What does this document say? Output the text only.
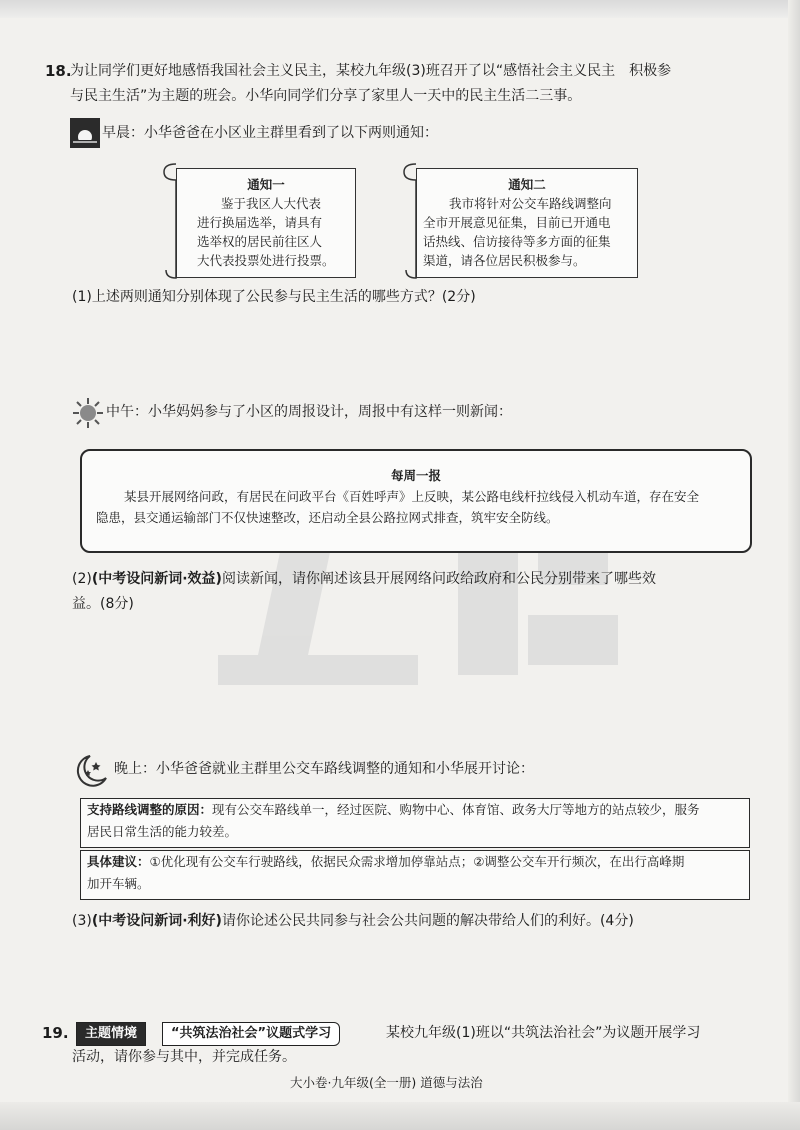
18.
为让同学们更好地感悟我国社会主义民主，某校九年级(3)班召开了以“感悟社会主义民主　积极参
与民主生活”为主题的班会。小华向同学们分享了家里人一天中的民主生活二三事。
早晨：小华爸爸在小区业主群里看到了以下两则通知：
通知一
鉴于我区人大代表
进行换届选举，请具有
选举权的居民前往区人
大代表投票处进行投票。
通知二
我市将针对公交车路线调整向
全市开展意见征集，目前已开通电
话热线、信访接待等多方面的征集
渠道，请各位居民积极参与。
(1)上述两则通知分别体现了公民参与民主生活的哪些方式？(2分)
中午：小华妈妈参与了小区的周报设计，周报中有这样一则新闻：
每周一报
某县开展网络问政，有居民在问政平台《百姓呼声》上反映，某公路电线杆拉线侵入机动车道，存在安全
隐患，县交通运输部门不仅快速整改，还启动全县公路拉网式排查，筑牢安全防线。
(2)(中考设问新词·效益)阅读新闻，请你阐述该县开展网络问政给政府和公民分别带来了哪些效
益。(8分)
晚上：小华爸爸就业主群里公交车路线调整的通知和小华展开讨论：
支持路线调整的原因：现有公交车路线单一，经过医院、购物中心、体育馆、政务大厅等地方的站点较少，服务
居民日常生活的能力较差。
具体建议：①优化现有公交车行驶路线，依据民众需求增加停靠站点；②调整公交车开行频次，在出行高峰期
加开车辆。
(3)(中考设问新词·利好)请你论述公民共同参与社会公共问题的解决带给人们的利好。(4分)
19.	主题情境	“共筑法治社会”议题式学习	某校九年级(1)班以“共筑法治社会”为议题开展学习
活动，请你参与其中，并完成任务。
大小卷·九年级(全一册) 道德与法治
